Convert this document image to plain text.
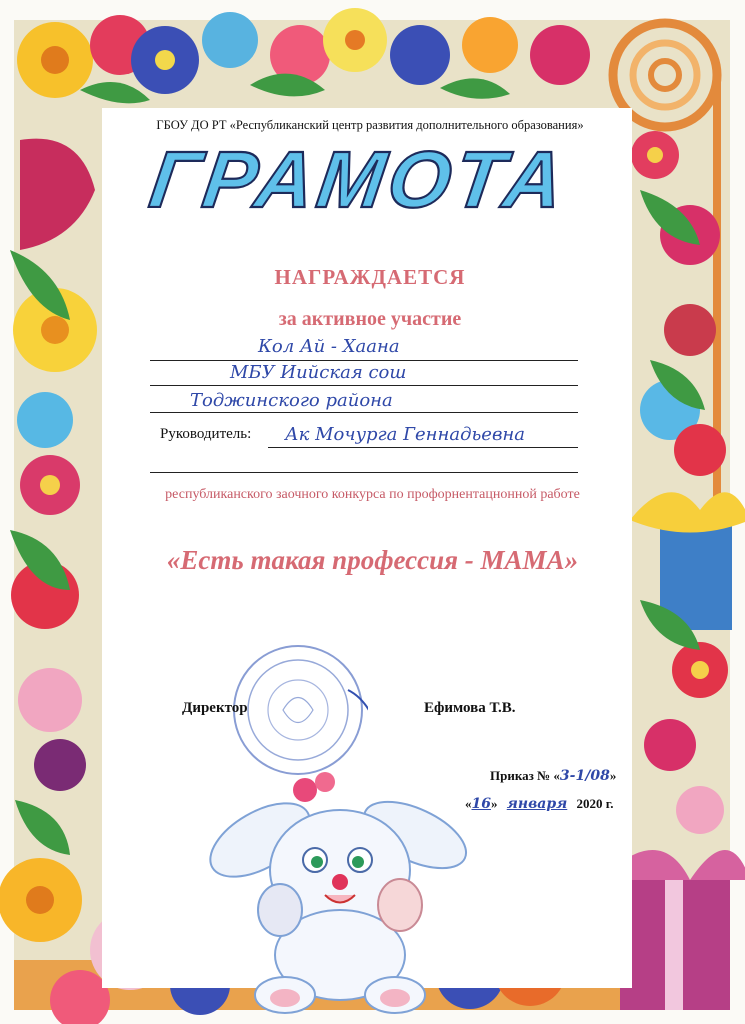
ГБОУ ДО РТ «Республиканский центр развития дополнительного образования»
ГРАМОТА
НАГРАЖДАЕТСЯ
за активное участие
Кол Ай - Хаана
МБУ Иийская сош
Тоджинского района
Руководитель: Ак Мочурга Геннадьевна
республиканского заочного конкурса по профорнентацнонной работе
«Есть такая профессия - МАМА»
Директор	Ефимова Т.В.
Приказ № «3-1/08»
«16» января 2020 г.
